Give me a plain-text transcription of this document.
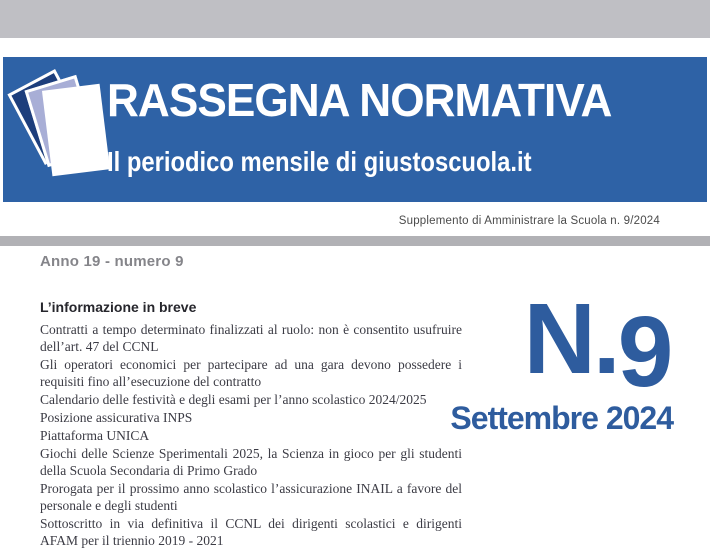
RASSEGNA NORMATIVA
Il periodico mensile di giustoscuola.it
Supplemento di Amministrare la Scuola n. 9/2024
Anno 19 - numero 9
L’informazione in breve
Contratti a tempo determinato finalizzati al ruolo: non è consentito usufruire dell’art. 47 del CCNL
Gli operatori economici per partecipare ad una gara devono possedere i requisiti fino all’esecuzione del contratto
Calendario delle festività e degli esami per l’anno scolastico 2024/2025
Posizione assicurativa INPS
Piattaforma UNICA
Giochi delle Scienze Sperimentali 2025, la Scienza in gioco per gli studenti della Scuola Secondaria di Primo Grado
Prorogata per il prossimo anno scolastico l’assicurazione INAIL a favore del personale e degli studenti
Sottoscritto in via definitiva il CCNL dei dirigenti scolastici e dirigenti AFAM per il triennio 2019 - 2021
N.9
Settembre 2024
